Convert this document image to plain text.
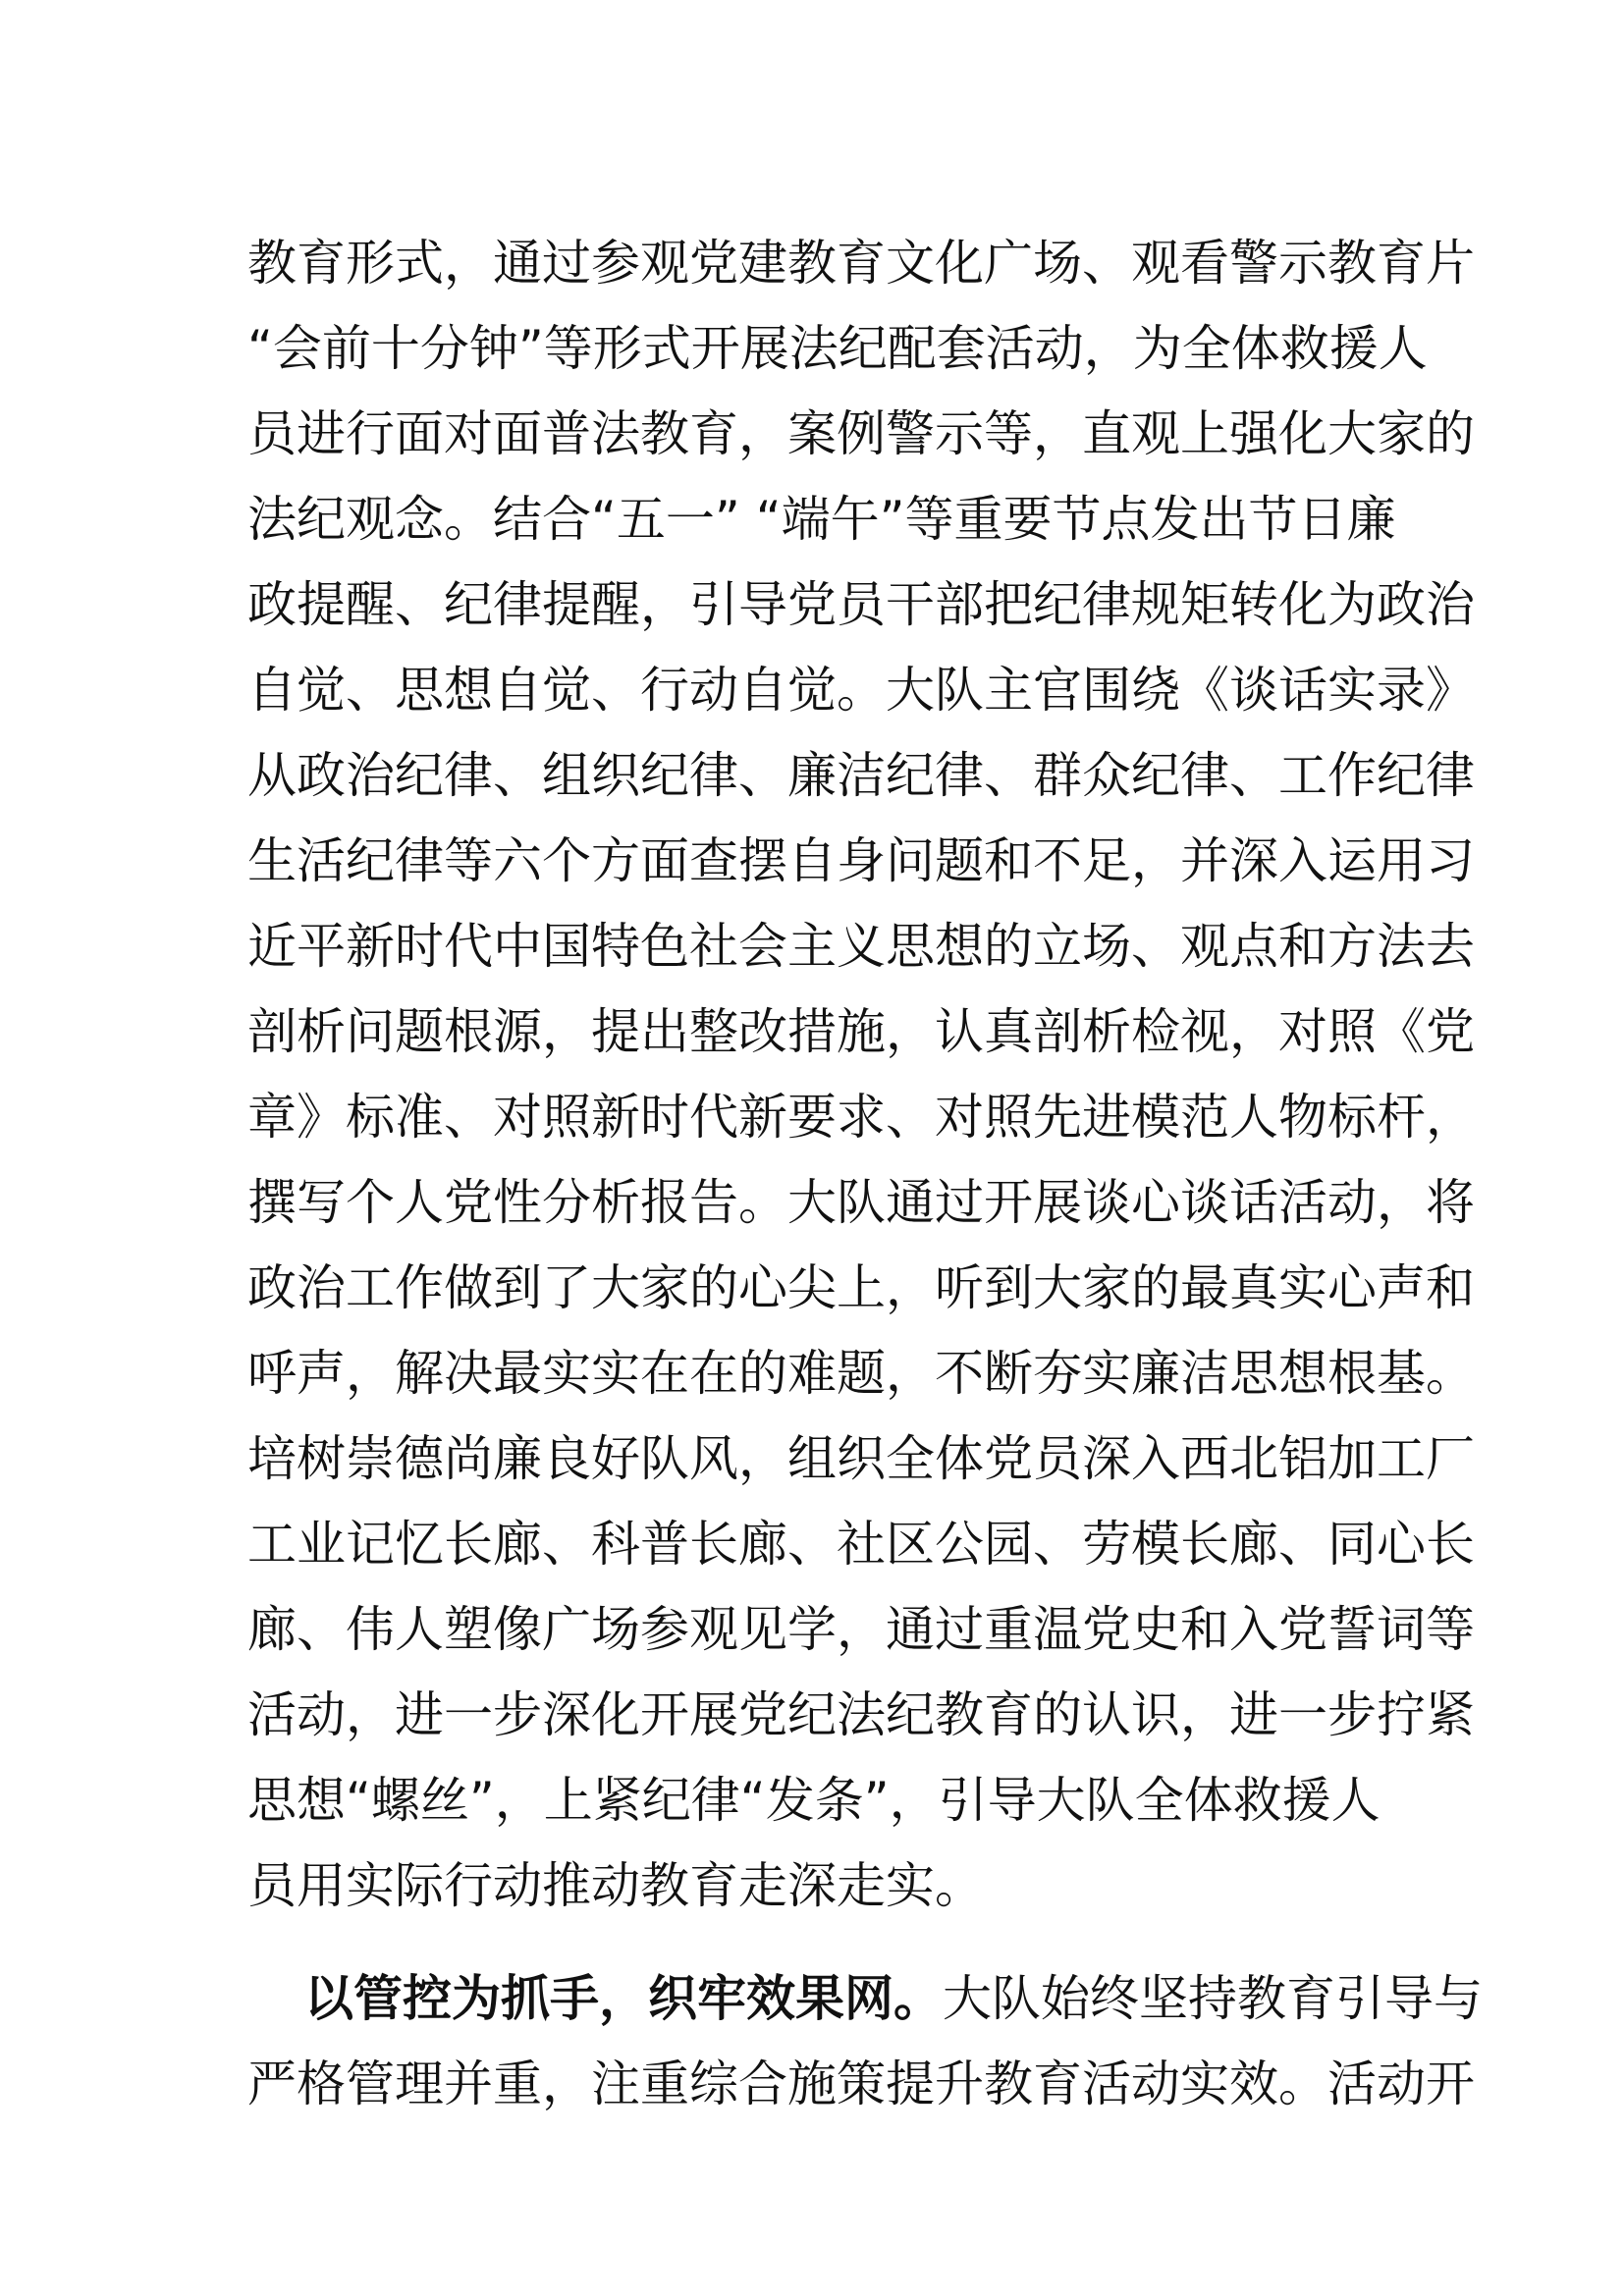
教育形式，通过参观党建教育文化广场、观看警示教育片
“会前十分钟”等形式开展法纪配套活动，为全体救援人
员进行面对面普法教育，案例警示等，直观上强化大家的
法纪观念。结合“五一” “端午”等重要节点发出节日廉
政提醒、纪律提醒，引导党员干部把纪律规矩转化为政治
自觉、思想自觉、行动自觉。大队主官围绕《谈话实录》
从政治纪律、组织纪律、廉洁纪律、群众纪律、工作纪律
生活纪律等六个方面查摆自身问题和不足，并深入运用习
近平新时代中国特色社会主义思想的立场、观点和方法去
剖析问题根源，提出整改措施，认真剖析检视，对照《党
章》标准、对照新时代新要求、对照先进模范人物标杆，
撰写个人党性分析报告。大队通过开展谈心谈话活动，将
政治工作做到了大家的心尖上，听到大家的最真实心声和
呼声，解决最实实在在的难题，不断夯实廉洁思想根基。
培树崇德尚廉良好队风，组织全体党员深入西北铝加工厂
工业记忆长廊、科普长廊、社区公园、劳模长廊、同心长
廊、伟人塑像广场参观见学，通过重温党史和入党誓词等
活动，进一步深化开展党纪法纪教育的认识，进一步拧紧
思想“螺丝”，上紧纪律“发条”，引导大队全体救援人
员用实际行动推动教育走深走实。
以管控为抓手，织牢效果网。大队始终坚持教育引导与
严格管理并重，注重综合施策提升教育活动实效。活动开
